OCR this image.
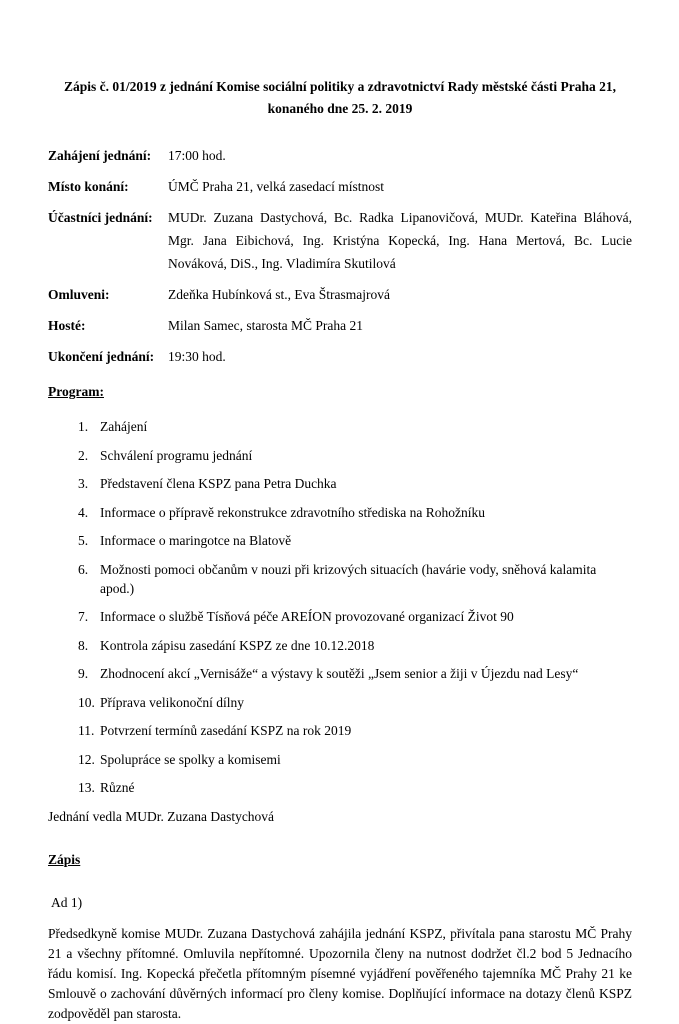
Zápis č. 01/2019 z jednání Komise sociální politiky a zdravotnictví Rady městské části Praha 21,
konaného dne 25. 2. 2019
Zahájení jednání:	17:00 hod.
Místo konání:	ÚMČ Praha 21, velká zasedací místnost
Účastníci jednání:	MUDr. Zuzana Dastychová, Bc. Radka Lipanovičová, MUDr. Kateřina Bláhová, Mgr. Jana Eibichová, Ing. Kristýna Kopecká, Ing. Hana Mertová, Bc. Lucie Nováková, DiS., Ing. Vladimíra Skutilová
Omluveni:	Zdeňka Hubínková st., Eva Štrasmajrová
Hosté:	Milan Samec, starosta MČ Praha 21
Ukončení jednání:	19:30 hod.
Program:
1. Zahájení
2. Schválení programu jednání
3. Představení člena KSPZ pana Petra Duchka
4. Informace o přípravě rekonstrukce zdravotního střediska na Rohožníku
5. Informace o maringotce na Blatově
6. Možnosti pomoci občanům v nouzi při krizových situacích (havárie vody, sněhová kalamita apod.)
7. Informace o službě Tísňová péče AREÍON provozované organizací Život 90
8. Kontrola zápisu zasedání KSPZ ze dne 10.12.2018
9. Zhodnocení akcí „Vernisáže“ a výstavy k soutěži „Jsem senior a žiji v Újezdu nad Lesy“
10. Příprava velikonoční dílny
11. Potvrzení termínů zasedání KSPZ na rok 2019
12. Spolupráce se spolky a komisemi
13. Různé

Jednání vedla MUDr. Zuzana Dastychová

Zápis

Ad 1)

Předsedkyně komise MUDr. Zuzana Dastychová zahájila jednání KSPZ, přivítala pana starostu MČ Prahy 21 a všechny přítomné. Omluvila nepřítomné. Upozornila členy na nutnost dodržet čl.2 bod 5 Jednacího řádu komisí. Ing. Kopecká přečetla přítomným písemné vyjádření pověřeného tajemníka MČ Prahy 21 ke Smlouvě o zachování důvěrných informací pro členy komise. Doplňující informace na dotazy členů KSPZ zodpověděl pan starosta.
